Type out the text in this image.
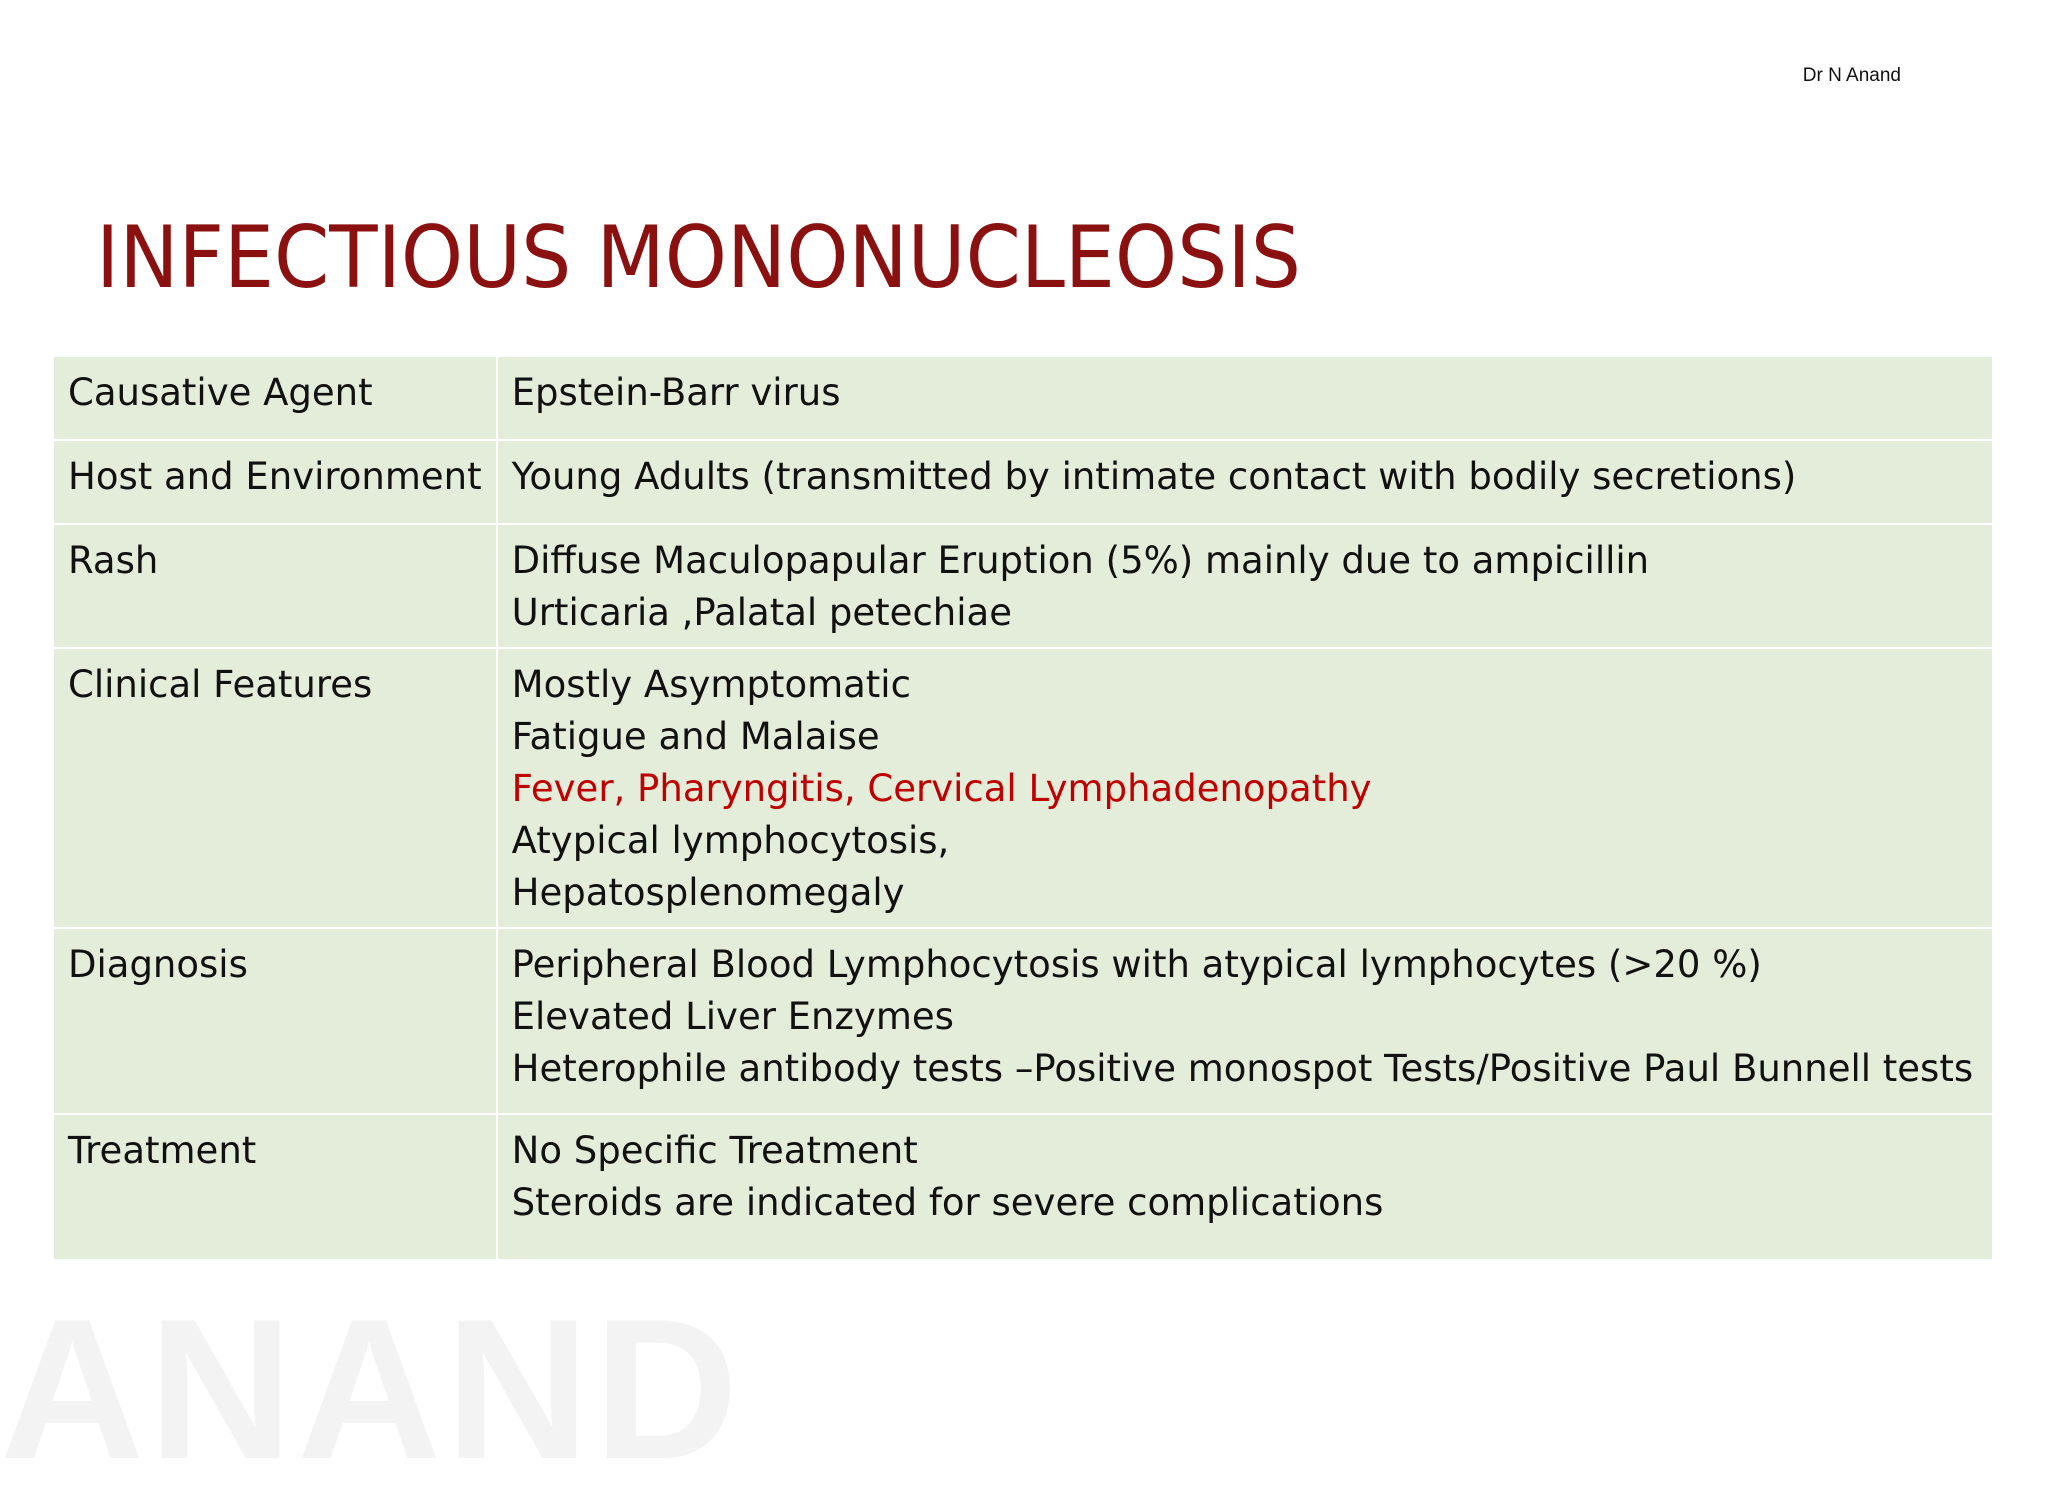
Dr N Anand
INFECTIOUS MONONUCLEOSIS
ANAND
Causative Agent	Epstein-Barr virus

Host and Environment	Young Adults (transmitted by intimate contact with bodily secretions)

Rash	Diffuse Maculopapular Eruption (5%) mainly due to ampicillin
Urticaria ,Palatal petechiae

Clinical Features	Mostly Asymptomatic
Fatigue and Malaise
Fever, Pharyngitis, Cervical Lymphadenopathy
Atypical lymphocytosis,
Hepatosplenomegaly

Diagnosis	Peripheral Blood Lymphocytosis with atypical lymphocytes (>20 %)
Elevated Liver Enzymes
Heterophile antibody tests –Positive monospot Tests/Positive Paul Bunnell tests

Treatment	No Specific Treatment
Steroids are indicated for severe complications
